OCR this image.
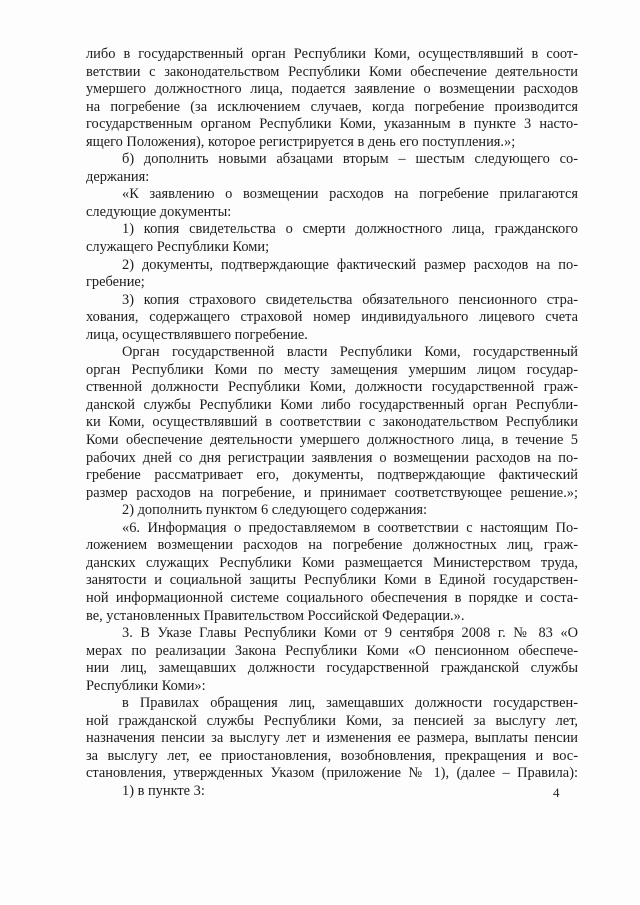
либо в государственный орган Республики Коми, осуществлявший в соот-
ветствии с законодательством Республики Коми обеспечение деятельности
умершего должностного лица, подается заявление о возмещении расходов
на погребение (за исключением случаев, когда погребение производится
государственным органом Республики Коми, указанным в пункте 3 насто-
ящего Положения), которое регистрируется в день его поступления.»;
б) дополнить новыми абзацами вторым – шестым следующего со-
держания:
«К заявлению о возмещении расходов на погребение прилагаются
следующие документы:
1) копия свидетельства о смерти должностного лица, гражданского
служащего Республики Коми;
2) документы, подтверждающие фактический размер расходов на по-
гребение;
3) копия страхового свидетельства обязательного пенсионного стра-
хования, содержащего страховой номер индивидуального лицевого счета
лица, осуществлявшего погребение.
Орган государственной власти Республики Коми, государственный
орган Республики Коми по месту замещения умершим лицом государ-
ственной должности Республики Коми, должности государственной граж-
данской службы Республики Коми либо государственный орган Республи-
ки Коми, осуществлявший в соответствии с законодательством Республики
Коми обеспечение деятельности умершего должностного лица, в течение 5
рабочих дней со дня регистрации заявления о возмещении расходов на по-
гребение рассматривает его, документы, подтверждающие фактический
размер расходов на погребение, и принимает соответствующее решение.»;
2) дополнить пунктом 6 следующего содержания:
«6. Информация о предоставляемом в соответствии с настоящим По-
ложением возмещении расходов на погребение должностных лиц, граж-
данских служащих Республики Коми размещается Министерством труда,
занятости и социальной защиты Республики Коми в Единой государствен-
ной информационной системе социального обеспечения в порядке и соста-
ве, установленных Правительством Российской Федерации.».
3. В Указе Главы Республики Коми от 9 сентября 2008 г. № 83 «О
мерах по реализации Закона Республики Коми «О пенсионном обеспече-
нии лиц, замещавших должности государственной гражданской службы
Республики Коми»:
в Правилах обращения лиц, замещавших должности государствен-
ной гражданской службы Республики Коми, за пенсией за выслугу лет,
назначения пенсии за выслугу лет и изменения ее размера, выплаты пенсии
за выслугу лет, ее приостановления, возобновления, прекращения и вос-
становления, утвержденных Указом (приложение № 1), (далее – Правила):
1) в пункте 3:	4
